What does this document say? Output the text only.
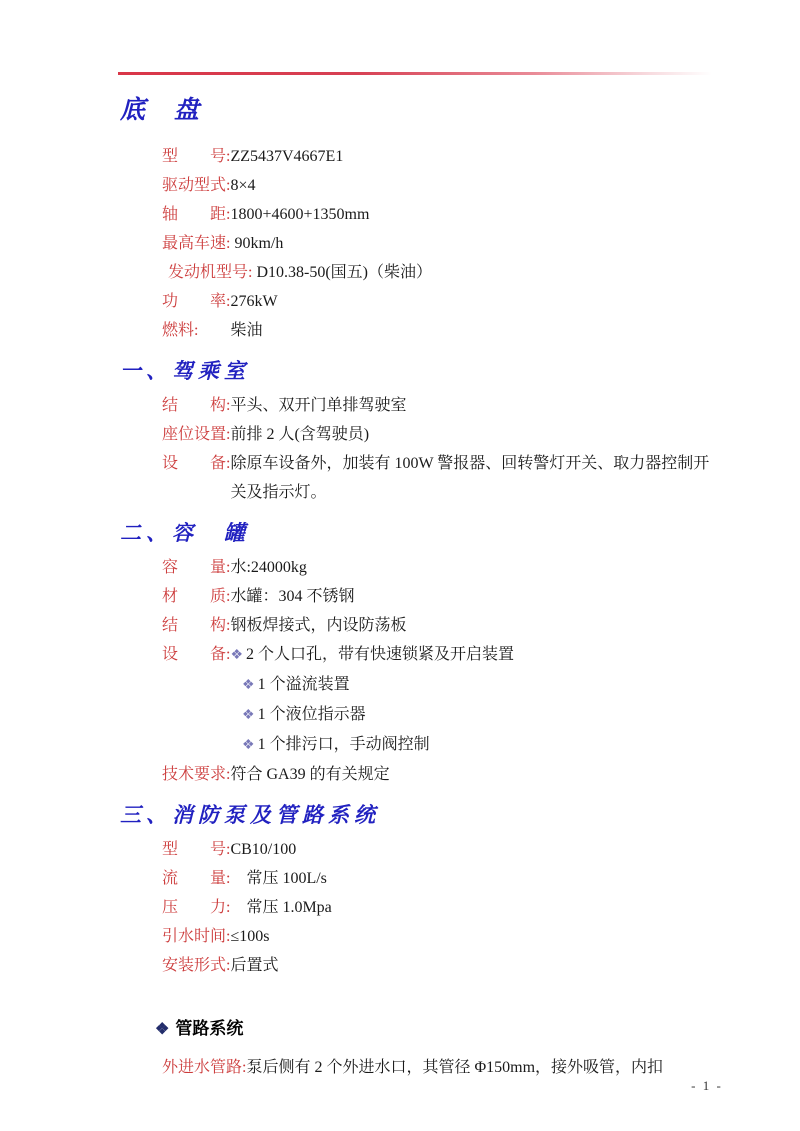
底　盘
型　　号: ZZ5437V4667E1
驱动型式: 8×4
轴　　距: 1800+4600+1350mm
最高车速: 90km/h
发动机型号: D10.38-50(国五)（柴油）
功　　率: 276kW
燃料: 　　柴油
一、驾乘室
结　　构: 平头、双开门单排驾驶室
座位设置: 前排 2 人(含驾驶员)
设　　备: 除原车设备外，加装有 100W 警报器、回转警灯开关、取力器控制开关及指示灯。
二、容　罐
容　　量: 水:24000kg
材　　质: 水罐：304 不锈钢
结　　构: 钢板焊接式，内设防荡板
设　　备: ❖ 2 个人口孔，带有快速锁紧及开启装置
❖ 1 个溢流装置
❖ 1 个液位指示器
❖ 1 个排污口，手动阀控制
技术要求: 符合 GA39 的有关规定
三、消防泵及管路系统
型　　号: CB10/100
流　　量: 　常压 100L/s
压　　力: 　常压 1.0Mpa
引水时间: ≤100s
安装形式: 后置式
❖ 管路系统
外进水管路: 泵后侧有 2 个外进水口，其管径 Φ150mm，接外吸管，内扣
- 1 -
